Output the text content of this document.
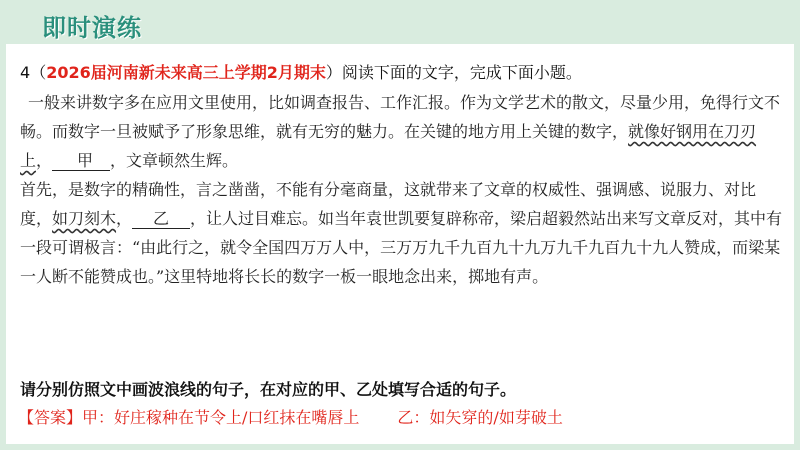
即时演练
4（2026届河南新未来高三上学期2月期末）阅读下面的文字，完成下面小题。

一般来讲数字多在应用文里使用，比如调查报告、工作汇报。作为文学艺术的散文，尽量少用，免得行文不畅。而数字一旦被赋予了形象思维，就有无穷的魅力。在关键的地方用上关键的数字，就像好钢用在刀刃上， 甲 ，文章顿然生辉。

首先，是数字的精确性，言之凿凿，不能有分毫商量，这就带来了文章的权威性、强调感、说服力、对比度，如刀刻木， 乙 ，让人过目难忘。如当年袁世凯要复辟称帝，梁启超毅然站出来写文章反对，其中有一段可谓极言：“由此行之，就令全国四万万人中，三万万九千九百九十九万九千九百九十九人赞成，而梁某一人断不能赞成也。”这里特地将长长的数字一板一眼地念出来，掷地有声。

请分别仿照文中画波浪线的句子，在对应的甲、乙处填写合适的句子。
【答案】甲：好庄稼种在节令上/口红抹在嘴唇上 乙：如矢穿的/如芽破土
